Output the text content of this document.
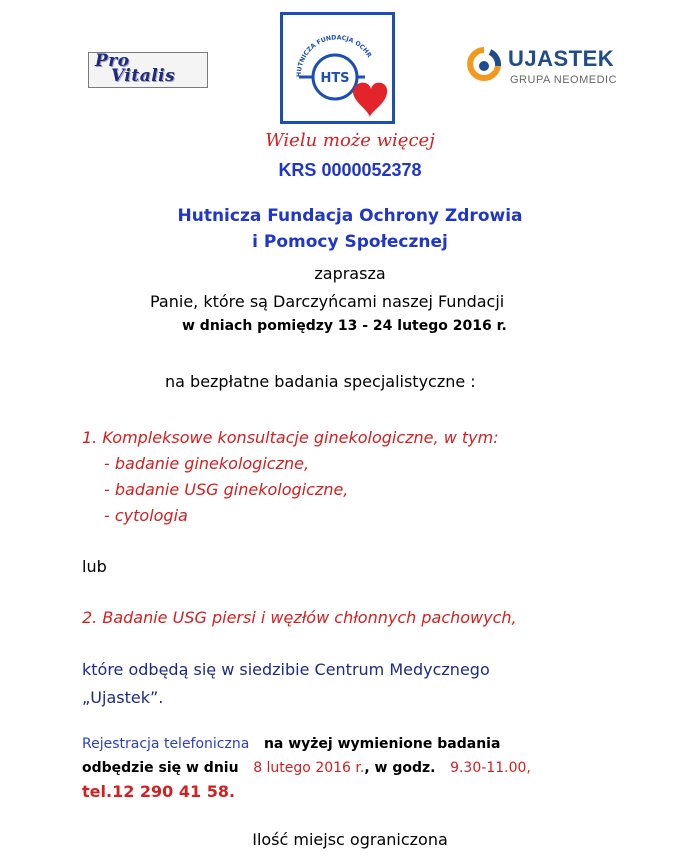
Pro
Vitalis	HUTNICZA FUNDACJA OCHR
HTS
UJASTEK
GRUPA NEOMEDIC
Wielu może więcej
KRS 0000052378
Hutnicza Fundacja Ochrony Zdrowia
i Pomocy Społecznej
zaprasza
Panie, które są Darczyńcami naszej Fundacji
w dniach pomiędzy 13 - 24 lutego 2016 r.
na bezpłatne badania specjalistyczne :
1. Kompleksowe konsultacje ginekologiczne, w tym:
- badanie ginekologiczne,
- badanie USG ginekologiczne,
- cytologia
lub
2. Badanie USG piersi i węzłów chłonnych pachowych,
które odbędą się w siedzibie Centrum Medycznego
„Ujastek”.
Rejestracja telefoniczna na wyżej wymienione badania
odbędzie się w dniu 8 lutego 2016 r., w godz. 9.30-11.00,
tel.12 290 41 58.
Ilość miejsc ograniczona
